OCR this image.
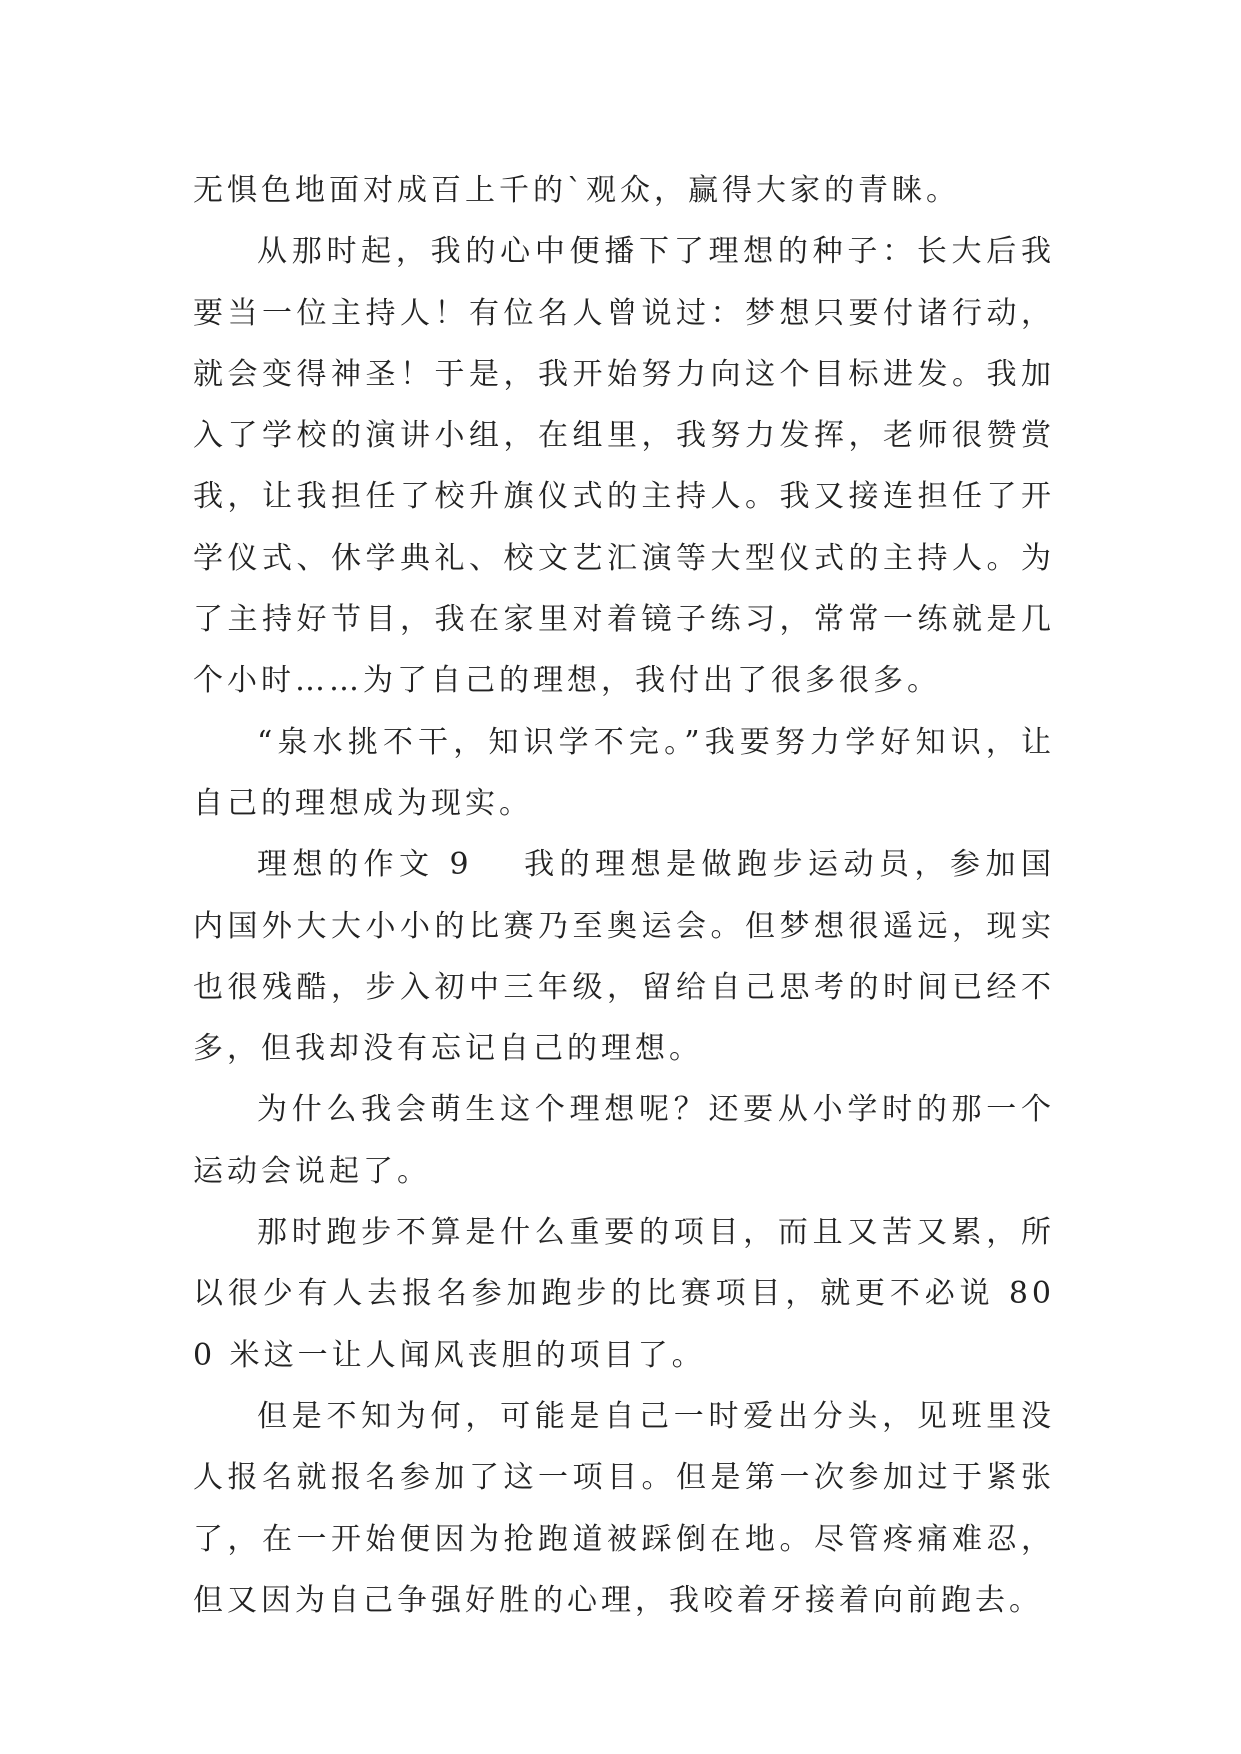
无惧色地面对成百上千的`观众，赢得大家的青睐。

从那时起，我的心中便播下了理想的种子：长大后我要当一位主持人！有位名人曾说过：梦想只要付诸行动，就会变得神圣！于是，我开始努力向这个目标进发。我加入了学校的演讲小组，在组里，我努力发挥，老师很赞赏我，让我担任了校升旗仪式的主持人。我又接连担任了开学仪式、休学典礼、校文艺汇演等大型仪式的主持人。为了主持好节目，我在家里对着镜子练习，常常一练就是几个小时……为了自己的理想，我付出了很多很多。

“泉水挑不干，知识学不完。”我要努力学好知识，让自己的理想成为现实。

理想的作文 9 我的理想是做跑步运动员，参加国内国外大大小小的比赛乃至奥运会。但梦想很遥远，现实也很残酷，步入初中三年级，留给自己思考的时间已经不多，但我却没有忘记自己的理想。

为什么我会萌生这个理想呢？还要从小学时的那一个运动会说起了。

那时跑步不算是什么重要的项目，而且又苦又累，所以很少有人去报名参加跑步的比赛项目，就更不必说 800 米这一让人闻风丧胆的项目了。

但是不知为何，可能是自己一时爱出分头，见班里没人报名就报名参加了这一项目。但是第一次参加过于紧张了，在一开始便因为抢跑道被踩倒在地。尽管疼痛难忍，但又因为自己争强好胜的心理，我咬着牙接着向前跑去。
